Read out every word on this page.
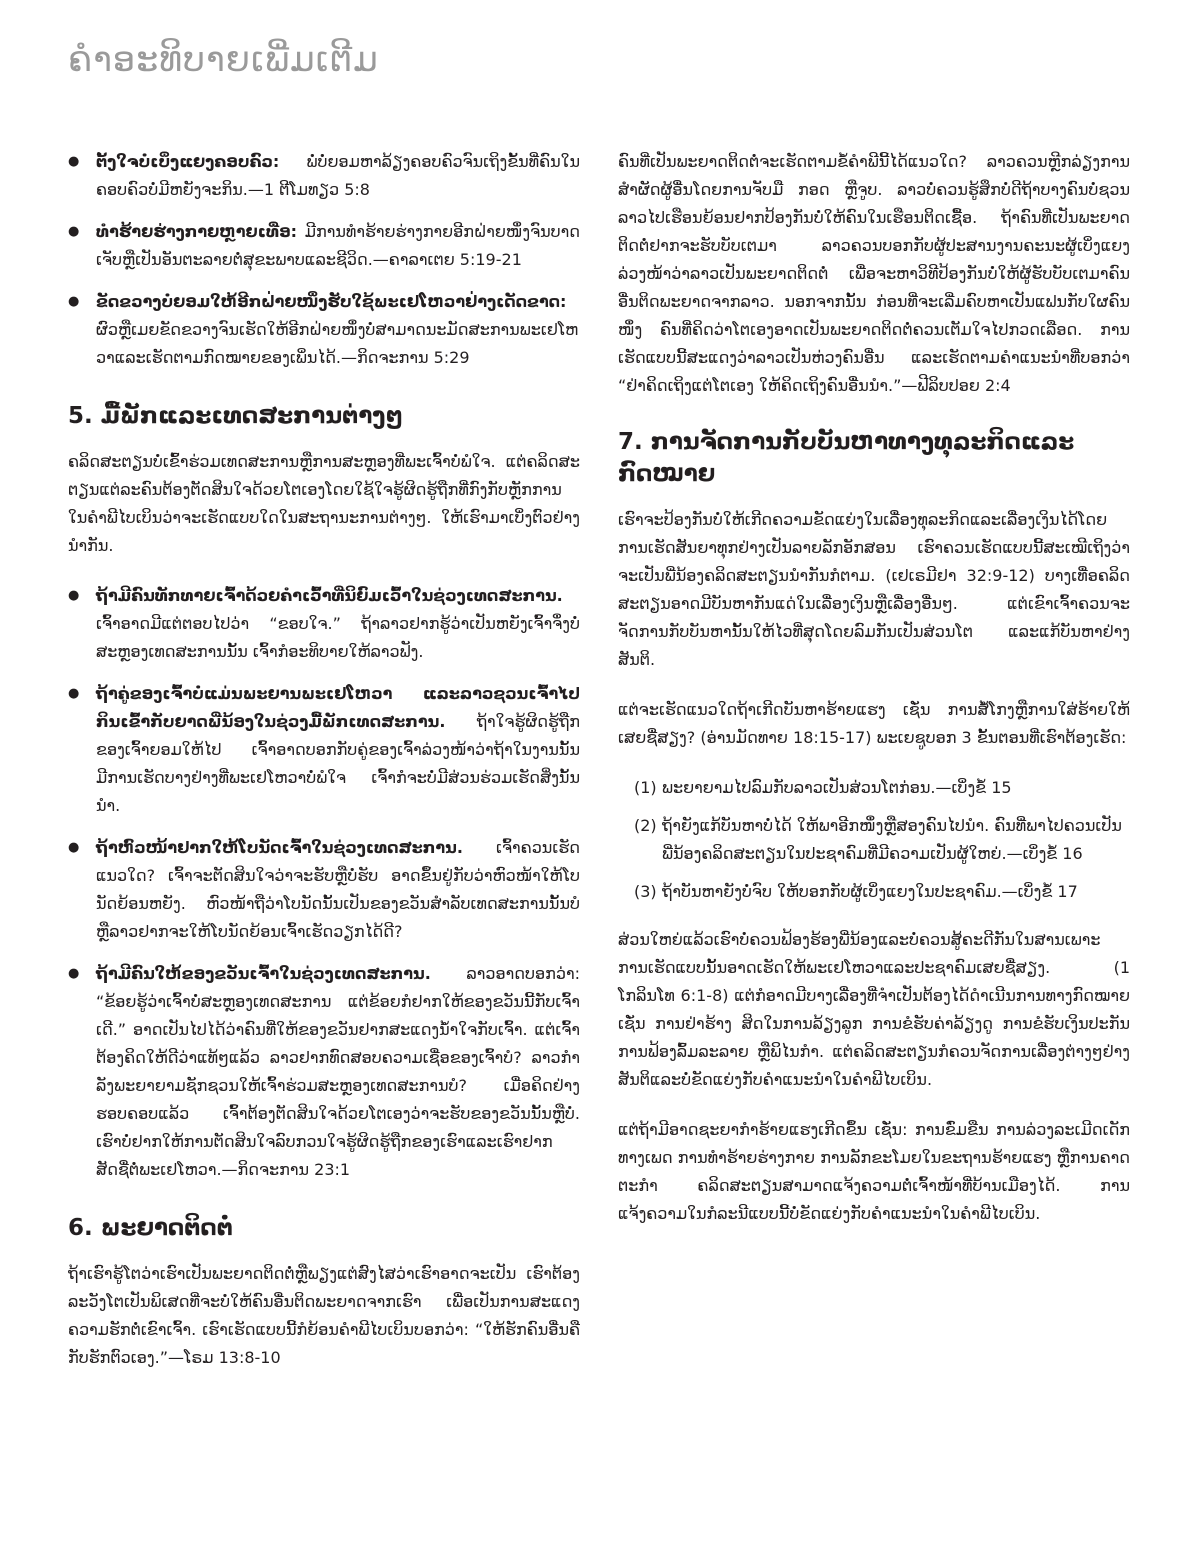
ຄໍາອະທິບາຍເພີ່ມເຕີມ
● ຕັ້ງໃຈບໍ່ເບິ່ງແຍງຄອບຄົວ: ພໍ່ບໍ່ຍອມຫາລ້ຽງຄອບຄົວຈົນເຖິງຂັ້ນທີ່ຄົນໃນຄອບຄົວບໍ່ມີຫຍັງຈະກິນ.—1 ຕີໂມທຽວ 5:8
● ທໍາຮ້າຍຮ່າງກາຍຫຼາຍເທື່ອ: ມີການທໍາຮ້າຍຮ່າງກາຍອີກຝ່າຍໜຶ່ງຈົນບາດເຈັບຫຼືເປັນອັນຕະລາຍຕໍ່ສຸຂະພາບແລະຊີວິດ.—ຄາລາເຕຍ 5:19-21
● ຂັດຂວາງບໍ່ຍອມໃຫ້ອີກຝ່າຍໜຶ່ງຮັບໃຊ້ພະເຢໂຫວາຢ່າງເດັດຂາດ: ຜົວຫຼືເມຍຂັດຂວາງຈົນເຮັດໃຫ້ອີກຝ່າຍໜຶ່ງບໍ່ສາມາດນະມັດສະການພະເຢໂຫວາແລະເຮັດຕາມກົດໝາຍຂອງເພິ່ນໄດ້.—ກິດຈະການ 5:29
5. ມື້ພັກແລະເທດສະການຕ່າງໆ

ຄລິດສະຕຽນບໍ່ເຂົ້າຮ່ວມເທດສະການຫຼືການສະຫຼອງທີ່ພະເຈົ້າບໍ່ພໍໃຈ. ແຕ່ຄລິດສະຕຽນແຕ່ລະຄົນຕ້ອງຕັດສິນໃຈດ້ວຍໂຕເອງໂດຍໃຊ້ໃຈຮູ້ຜິດຮູ້ຖືກທີ່ກົງກັບຫຼັກການໃນຄໍາພີໄບເບິນວ່າຈະເຮັດແບບໃດໃນສະຖານະການຕ່າງໆ. ໃຫ້ເຮົາມາເບິ່ງຕົວຢ່າງນໍາກັນ.

● ຖ້າມີຄົນທັກທາຍເຈົ້າດ້ວຍຄໍາເວົ້າທີ່ນິຍົມເວົ້າໃນຊ່ວງເທດສະການ. ເຈົ້າອາດມີແຕ່ຕອບໄປວ່າ “ຂອບໃຈ.” ຖ້າລາວຢາກຮູ້ວ່າເປັນຫຍັງເຈົ້າຈຶ່ງບໍ່ສະຫຼອງເທດສະການນັ້ນ ເຈົ້າກໍອະທິບາຍໃຫ້ລາວຟັງ.
● ຖ້າຄູ່ຂອງເຈົ້າບໍ່ແມ່ນພະຍານພະເຢໂຫວາ ແລະລາວຊວນເຈົ້າໄປກິນເຂົ້າກັບຍາດພີ່ນ້ອງໃນຊ່ວງມື້ພັກເທດສະການ. ຖ້າໃຈຮູ້ຜິດຮູ້ຖືກຂອງເຈົ້າຍອມໃຫ້ໄປ ເຈົ້າອາດບອກກັບຄູ່ຂອງເຈົ້າລ່ວງໜ້າວ່າຖ້າໃນງານນັ້ນມີການເຮັດບາງຢ່າງທີ່ພະເຢໂຫວາບໍ່ພໍໃຈ ເຈົ້າກໍຈະບໍ່ມີສ່ວນຮ່ວມເຮັດສິ່ງນັ້ນນໍາ.
● ຖ້າຫົວໜ້າຢາກໃຫ້ໂບນັດເຈົ້າໃນຊ່ວງເທດສະການ. ເຈົ້າຄວນເຮັດແນວໃດ? ເຈົ້າຈະຕັດສິນໃຈວ່າຈະຮັບຫຼືບໍ່ຮັບ ອາດຂຶ້ນຢູ່ກັບວ່າຫົວໜ້າໃຫ້ໂບນັດຍ້ອນຫຍັງ. ຫົວໜ້າຖືວ່າໂບນັດນັ້ນເປັນຂອງຂວັນສໍາລັບເທດສະການນັ້ນບໍ ຫຼືລາວຢາກຈະໃຫ້ໂບນັດຍ້ອນເຈົ້າເຮັດວຽກໄດ້ດີ?
● ຖ້າມີຄົນໃຫ້ຂອງຂວັນເຈົ້າໃນຊ່ວງເທດສະການ. ລາວອາດບອກວ່າ: “ຂ້ອຍຮູ້ວ່າເຈົ້າບໍ່ສະຫຼອງເທດສະການ ແຕ່ຂ້ອຍກໍຢາກໃຫ້ຂອງຂວັນນີ້ກັບເຈົ້າເດີ.” ອາດເປັນໄປໄດ້ວ່າຄົນທີ່ໃຫ້ຂອງຂວັນຢາກສະແດງນໍ້າໃຈກັບເຈົ້າ. ແຕ່ເຈົ້າຕ້ອງຄິດໃຫ້ດີວ່າແທ້ໆແລ້ວ ລາວຢາກທົດສອບຄວາມເຊື່ອຂອງເຈົ້າບໍ? ລາວກໍາລັງພະຍາຍາມຊັກຊວນໃຫ້ເຈົ້າຮ່ວມສະຫຼອງເທດສະການບໍ? ເມື່ອຄິດຢ່າງຮອບຄອບແລ້ວ ເຈົ້າຕ້ອງຕັດສິນໃຈດ້ວຍໂຕເອງວ່າຈະຮັບຂອງຂວັນນັ້ນຫຼືບໍ່. ເຮົາບໍ່ຢາກໃຫ້ການຕັດສິນໃຈລົບກວນໃຈຮູ້ຜິດຮູ້ຖືກຂອງເຮົາແລະເຮົາຢາກສັດຊື່ຕໍ່ພະເຢໂຫວາ.—ກິດຈະການ 23:1
6. ພະຍາດຕິດຕໍ່

ຖ້າເຮົາຮູ້ໂຕວ່າເຮົາເປັນພະຍາດຕິດຕໍ່ຫຼືພຽງແຕ່ສົງໄສວ່າເຮົາອາດຈະເປັນ ເຮົາຕ້ອງລະວັງໂຕເປັນພິເສດທີ່ຈະບໍ່ໃຫ້ຄົນອື່ນຕິດພະຍາດຈາກເຮົາ ເພື່ອເປັນການສະແດງຄວາມຮັກຕໍ່ເຂົາເຈົ້າ. ເຮົາເຮັດແບບນີ້ກໍຍ້ອນຄໍາພີໄບເບິນບອກວ່າ: “ໃຫ້ຮັກຄົນອື່ນຄືກັບຮັກຕົວເອງ.”—ໂຣມ 13:8-10

ຄົນທີ່ເປັນພະຍາດຕິດຕໍ່ຈະເຮັດຕາມຂໍ້ຄໍາພີນີ້ໄດ້ແນວໃດ? ລາວຄວນຫຼີກລ່ຽງການສໍາຜັດຜູ້ອື່ນໂດຍການຈັບມື ກອດ ຫຼືຈູບ. ລາວບໍ່ຄວນຮູ້ສຶກບໍ່ດີຖ້າບາງຄົນບໍ່ຊວນລາວໄປເຮືອນຍ້ອນຢາກປ້ອງກັນບໍ່ໃຫ້ຄົນໃນເຮືອນຕິດເຊື້ອ. ຖ້າຄົນທີ່ເປັນພະຍາດຕິດຕໍ່ຢາກຈະຮັບບັບເຕມາ ລາວຄວນບອກກັບຜູ້ປະສານງານຄະນະຜູ້ເບິ່ງແຍງລ່ວງໜ້າວ່າລາວເປັນພະຍາດຕິດຕໍ່ ເພື່ອຈະຫາວິທີປ້ອງກັນບໍ່ໃຫ້ຜູ້ຮັບບັບເຕມາຄົນອື່ນຕິດພະຍາດຈາກລາວ. ນອກຈາກນັ້ນ ກ່ອນທີ່ຈະເລີ່ມຄົບຫາເປັນແຟນກັບໃຜຄົນໜຶ່ງ ຄົນທີ່ຄິດວ່າໂຕເອງອາດເປັນພະຍາດຕິດຕໍ່ຄວນເຕັມໃຈໄປກວດເລືອດ. ການເຮັດແບບນີ້ສະແດງວ່າລາວເປັນຫ່ວງຄົນອື່ນ ແລະເຮັດຕາມຄໍາແນະນໍາທີ່ບອກວ່າ “ຢ່າຄິດເຖິງແຕ່ໂຕເອງ ໃຫ້ຄິດເຖິງຄົນອື່ນນໍາ.”—ຟີລິບປອຍ 2:4

7. ການຈັດການກັບບັນຫາທາງທຸລະກິດແລະກົດໝາຍ

ເຮົາຈະປ້ອງກັນບໍ່ໃຫ້ເກີດຄວາມຂັດແຍ່ງໃນເລື່ອງທຸລະກິດແລະເລື່ອງເງິນໄດ້ໂດຍການເຮັດສັນຍາທຸກຢ່າງເປັນລາຍລັກອັກສອນ ເຮົາຄວນເຮັດແບບນີ້ສະເໝີເຖິງວ່າຈະເປັນພີ່ນ້ອງຄລິດສະຕຽນນໍາກັນກໍຕາມ. (ເຢເຣມີຢາ 32:9-12) ບາງເທື່ອຄລິດສະຕຽນອາດມີບັນຫາກັນແດ່ໃນເລື່ອງເງິນຫຼືເລື່ອງອື່ນໆ. ແຕ່ເຂົາເຈົ້າຄວນຈະຈັດການກັບບັນຫານັ້ນໃຫ້ໄວທີ່ສຸດໂດຍລົມກັນເປັນສ່ວນໂຕ ແລະແກ້ບັນຫາຢ່າງສັນຕິ.

ແຕ່ຈະເຮັດແນວໃດຖ້າເກີດບັນຫາຮ້າຍແຮງ ເຊັ່ນ ການສໍ້ໂກງຫຼືການໃສ່ຮ້າຍໃຫ້ເສຍຊື່ສຽງ? (ອ່ານມັດທາຍ 18:15-17) ພະເຍຊູບອກ 3 ຂັ້ນຕອນທີ່ເຮົາຕ້ອງເຮັດ:

(1) ພະຍາຍາມໄປລົມກັບລາວເປັນສ່ວນໂຕກ່ອນ.—ເບິ່ງຂໍ້ 15
(2) ຖ້າຍັງແກ້ບັນຫາບໍ່ໄດ້ ໃຫ້ພາອີກໜຶ່ງຫຼືສອງຄົນໄປນໍາ. ຄົນທີ່ພາໄປຄວນເປັນພີ່ນ້ອງຄລິດສະຕຽນໃນປະຊາຄົມທີ່ມີຄວາມເປັນຜູ້ໃຫຍ່.—ເບິ່ງຂໍ້ 16
(3) ຖ້າບັນຫາຍັງບໍ່ຈົບ ໃຫ້ບອກກັບຜູ້ເບິ່ງແຍງໃນປະຊາຄົມ.—ເບິ່ງຂໍ້ 17

ສ່ວນໃຫຍ່ແລ້ວເຮົາບໍ່ຄວນຟ້ອງຮ້ອງພີ່ນ້ອງແລະບໍ່ຄວນສູ້ຄະດີກັນໃນສານເພາະການເຮັດແບບນັ້ນອາດເຮັດໃຫ້ພະເຢໂຫວາແລະປະຊາຄົມເສຍຊື່ສຽງ. (1 ໂກລິນໂທ 6:1-8) ແຕ່ກໍອາດມີບາງເລື່ອງທີ່ຈໍາເປັນຕ້ອງໄດ້ດໍາເນີນການທາງກົດໝາຍ ເຊັ່ນ ການຢ່າຮ້າງ ສິດໃນການລ້ຽງລູກ ການຂໍຮັບຄ່າລ້ຽງດູ ການຂໍຮັບເງິນປະກັນ ການຟ້ອງລົ້ມລະລາຍ ຫຼືພິໄນກໍາ. ແຕ່ຄລິດສະຕຽນກໍຄວນຈັດການເລື່ອງຕ່າງໆຢ່າງສັນຕິແລະບໍ່ຂັດແຍ່ງກັບຄໍາແນະນໍາໃນຄໍາພີໄບເບິນ.

ແຕ່ຖ້າມີອາດຊະຍາກໍາຮ້າຍແຮງເກີດຂຶ້ນ ເຊັ່ນ: ການຂົ່ມຂືນ ການລ່ວງລະເມີດເດັກທາງເພດ ການທໍາຮ້າຍຮ່າງກາຍ ການລັກຂະໂມຍໃນຂະຖານຮ້າຍແຮງ ຫຼືການຄາດຕະກໍາ ຄລິດສະຕຽນສາມາດແຈ້ງຄວາມຕໍ່ເຈົ້າໜ້າທີ່ບ້ານເມືອງໄດ້. ການແຈ້ງຄວາມໃນກໍລະນີແບບນີ້ບໍ່ຂັດແຍ່ງກັບຄໍາແນະນໍາໃນຄໍາພີໄບເບິນ.
